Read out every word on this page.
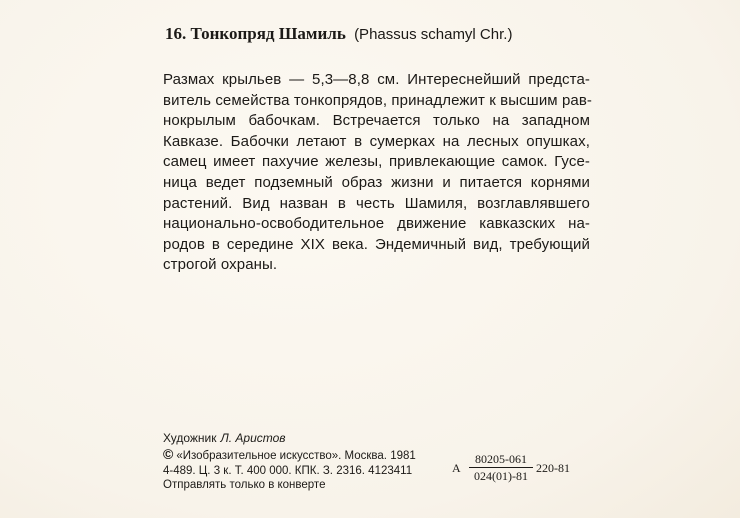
16. Тонкопряд Шамиль (Phassus schamyl Chr.)
Размах крыльев — 5,3—8,8 см. Интереснейший предста-
витель семейства тонкопрядов, принадлежит к высшим рав-
нокрылым бабочкам. Встречается только на западном
Кавказе. Бабочки летают в сумерках на лесных опушках,
самец имеет пахучие железы, привлекающие самок. Гусе-
ница ведет подземный образ жизни и питается корнями
растений. Вид назван в честь Шамиля, возглавлявшего
национально-освободительное движение кавказских на-
родов в середине XIX века. Эндемичный вид, требующий
строгой охраны.
Художник Л. Аристов
© «Изобразительное искусство». Москва. 1981
4-489. Ц. 3 к. Т. 400 000. КПК. З. 2316. 4123411
Отправлять только в конверте
А $\frac{80205-061}{024(01)-81} 220-81$
